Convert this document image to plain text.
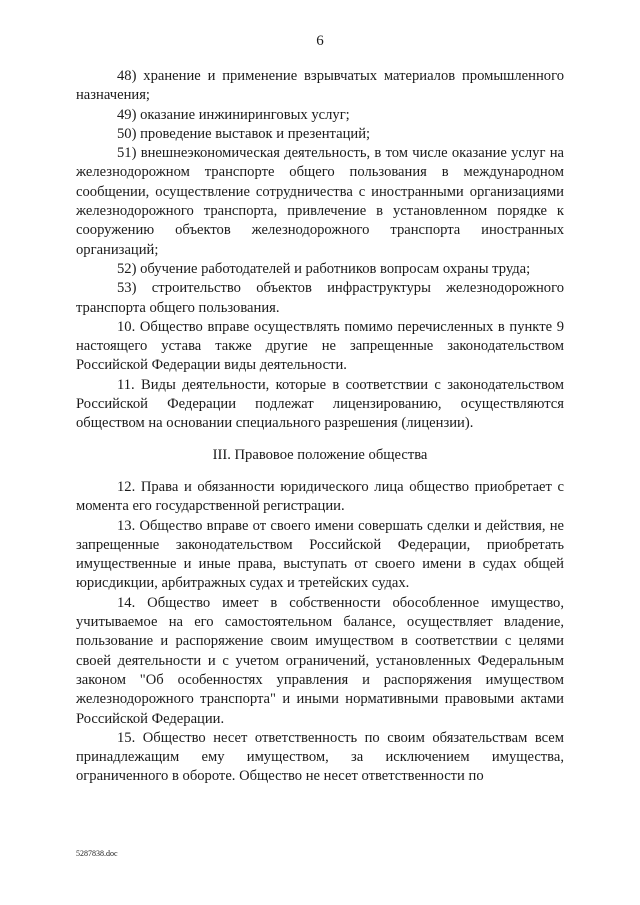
6

48) хранение и применение взрывчатых материалов промышленного назначения;

49) оказание инжиниринговых услуг;

50) проведение выставок и презентаций;

51) внешнеэкономическая деятельность, в том числе оказание услуг на железнодорожном транспорте общего пользования в международном сообщении, осуществление сотрудничества с иностранными организациями железнодорожного транспорта, привлечение в установленном порядке к сооружению объектов железнодорожного транспорта иностранных организаций;

52) обучение работодателей и работников вопросам охраны труда;

53) строительство объектов инфраструктуры железнодорожного транспорта общего пользования.

10. Общество вправе осуществлять помимо перечисленных в пункте 9 настоящего устава также другие не запрещенные законодательством Российской Федерации виды деятельности.

11. Виды деятельности, которые в соответствии с законодательством Российской Федерации подлежат лицензированию, осуществляются обществом на основании специального разрешения (лицензии).

III. Правовое положение общества

12. Права и обязанности юридического лица общество приобретает с момента его государственной регистрации.

13. Общество вправе от своего имени совершать сделки и действия, не запрещенные законодательством Российской Федерации, приобретать имущественные и иные права, выступать от своего имени в судах общей юрисдикции, арбитражных судах и третейских судах.

14. Общество имеет в собственности обособленное имущество, учитываемое на его самостоятельном балансе, осуществляет владение, пользование и распоряжение своим имуществом в соответствии с целями своей деятельности и с учетом ограничений, установленных Федеральным законом "Об особенностях управления и распоряжения имуществом железнодорожного транспорта" и иными нормативными правовыми актами Российской Федерации.

15. Общество несет ответственность по своим обязательствам всем принадлежащим ему имуществом, за исключением имущества, ограниченного в обороте. Общество не несет ответственности по

5287838.doc
